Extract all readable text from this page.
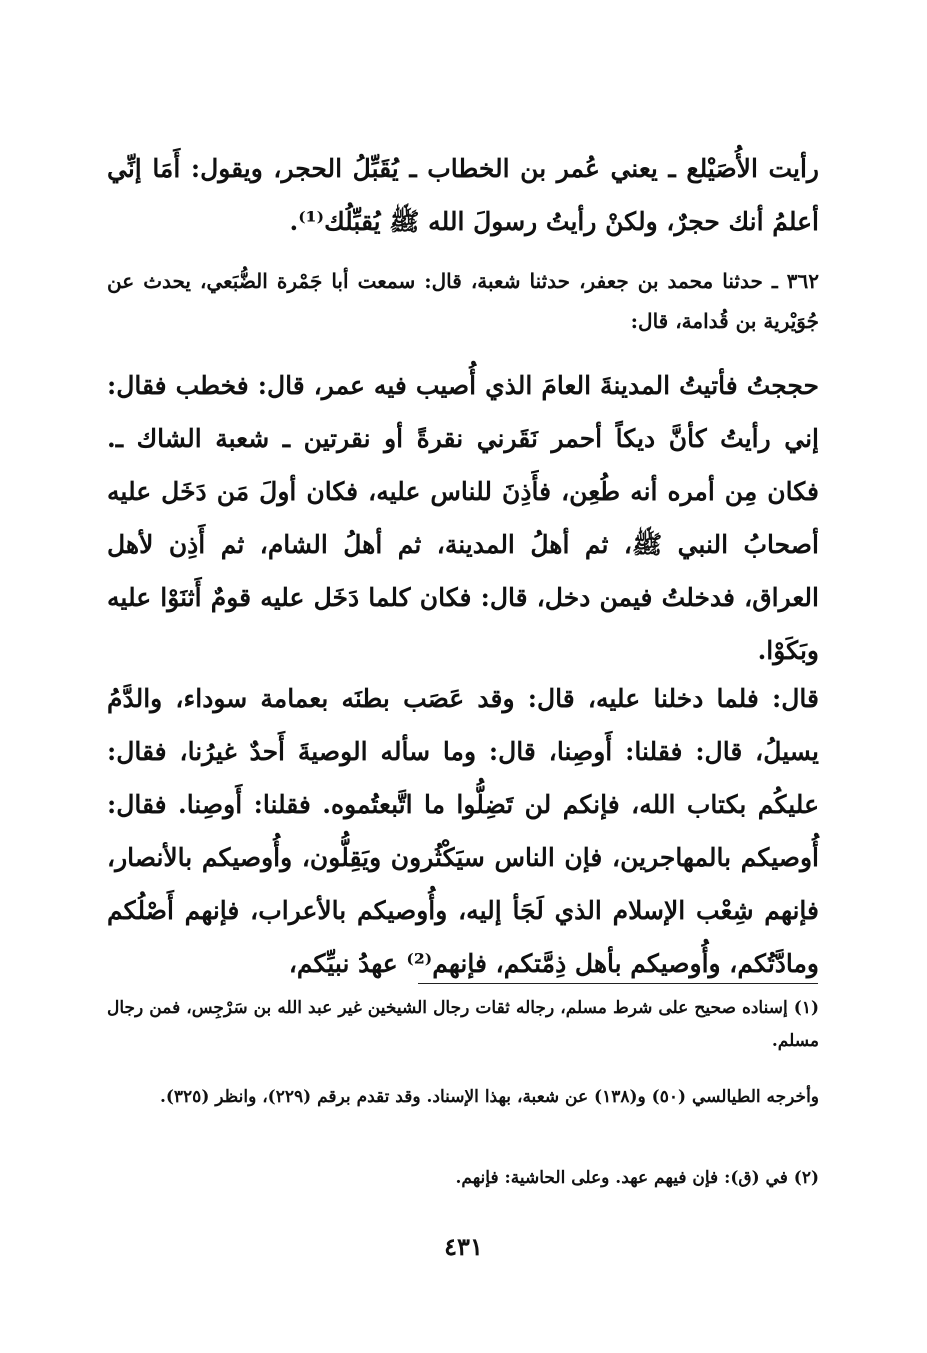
رأيت الأُصَيْلع ـ يعني عُمر بن الخطاب ـ يُقَبِّلُ الحجر، ويقول: أَمَا إنِّي أعلمُ أنك حجرٌ، ولكنْ رأيتُ رسولَ الله ﷺ يُقبِّلُك⁽¹⁾.
٣٦٢ ـ حدثنا محمد بن جعفر، حدثنا شعبة، قال: سمعت أبا جَمْرة الضُّبَعي، يحدث عن جُوَيْرية بن قُدامة، قال:
حججتُ فأتيتُ المدينةَ العامَ الذي أُصيب فيه عمر، قال: فخطب فقال: إني رأيتُ كأنَّ ديكاً أحمر نَقَرني نقرةً أو نقرتين ـ شعبة الشاك ـ. فكان مِن أمره أنه طُعِن، فأَذِنَ للناس عليه، فكان أولَ مَن دَخَل عليه أصحابُ النبي ﷺ، ثم أهلُ المدينة، ثم أهلُ الشام، ثم أَذِن لأهل العراق، فدخلتُ فيمن دخل، قال: فكان كلما دَخَل عليه قومٌ أَثنَوْا عليه وبَكَوْا.
قال: فلما دخلنا عليه، قال: وقد عَصَب بطنَه بعمامة سوداء، والدَّمُ يسيلُ، قال: فقلنا: أَوصِنا، قال: وما سأله الوصيةَ أَحدٌ غيرُنا، فقال: عليكُم بكتاب الله، فإنكم لن تَضِلُّوا ما اتَّبعتُموه. فقلنا: أَوصِنا. فقال: أُوصيكم بالمهاجرين، فإن الناس سيَكْثُرون ويَقِلُّون، وأُوصيكم بالأنصار، فإنهم شِعْب الإسلام الذي لَجَأ إليه، وأُوصيكم بالأعراب، فإنهم أَصْلُكم ومادَّتُكم، وأُوصيكم بأهل ذِمَّتكم، فإنهم⁽²⁾ عهدُ نبيِّكم،
(١) إسناده صحيح على شرط مسلم، رجاله ثقات رجال الشيخين غير عبد الله بن سَرْجِس، فمن رجال مسلم.
وأخرجه الطيالسي (٥٠) و(١٣٨) عن شعبة، بهذا الإسناد. وقد تقدم برقم (٢٢٩)، وانظر (٣٢٥).
(٢) في (ق): فإن فيهم عهد. وعلى الحاشية: فإنهم.
٤٣١
